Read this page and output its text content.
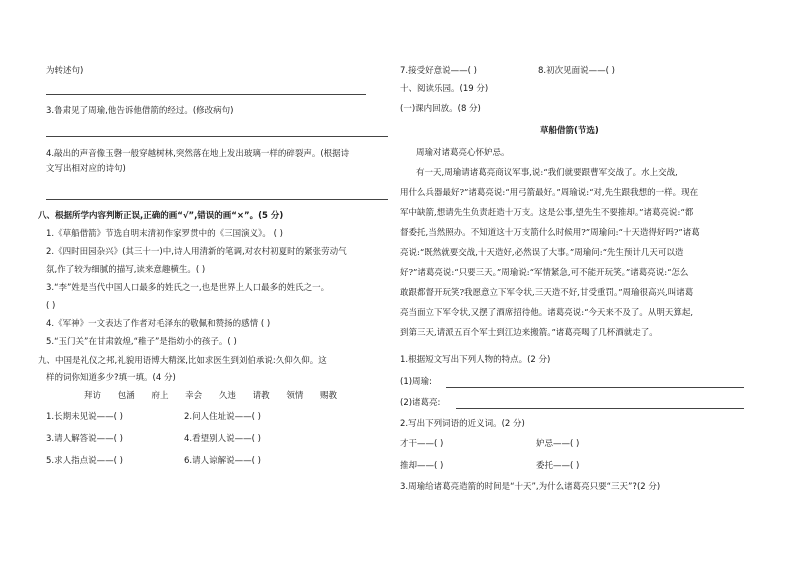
为转述句)
3.鲁肃见了周瑜,他告诉他借箭的经过。(修改病句)
4.敲出的声音像玉磬一般穿越树林,突然落在地上发出玻璃一样的碎裂声。(根据诗
文写出相对应的诗句)
八、根据所学内容判断正误,正确的画“√”,错误的画“×”。(5 分)
1.《草船借箭》节选自明末清初作家罗贯中的《三国演义》。 ( )
2.《四时田园杂兴》(其三十一)中,诗人用清新的笔调,对农村初夏时的紧张劳动气
氛,作了较为细腻的描写,读来意趣横生。( )
3.“李”姓是当代中国人口最多的姓氏之一,也是世界上人口最多的姓氏之一。
( )
4.《军神》一文表达了作者对毛泽东的敬佩和赞扬的感情 ( )
5.“玉门关”在甘肃敦煌,“稚子”是指幼小的孩子。( )
九、中国是礼仪之邦,礼貌用语博大精深,比如求医生到刘伯承说:久仰久仰。这
样的词你知道多少?填一填。(4 分)
拜访 包涵 府上 幸会 久违 请教 领情 赐教
1.长期未见说——( )	2.问人住址说——( )
3.请人解答说——( )	4.看望别人说——( )
5.求人指点说——( )	6.请人谅解说——( )
7.接受好意说——( )	8.初次见面说——( )
十、阅读乐园。(19 分)
(一)课内回放。(8 分)
草船借箭(节选)
周瑜对诸葛亮心怀妒忌。
有一天,周瑜请诸葛亮商议军事,说:“我们就要跟曹军交战了。水上交战,
用什么兵器最好?”诸葛亮说:“用弓箭最好。”周瑜说:“对,先生跟我想的一样。现在
军中缺箭,想请先生负责赶造十万支。这是公事,望先生不要推却。”诸葛亮说:“都
督委托,当然照办。不知道这十万支箭什么时候用?”周瑜问:“十天造得好吗?”诸葛
亮说:“既然就要交战,十天造好,必然误了大事。”周瑜问:“先生预计几天可以造
好?”诸葛亮说:“只要三天。”周瑜说:“军情紧急,可不能开玩笑。”诸葛亮说:“怎么
敢跟都督开玩笑?我愿意立下军令状,三天造不好,甘受重罚。”周瑜很高兴,叫诸葛
亮当面立下军令状,又摆了酒席招待他。诸葛亮说:“今天来不及了。从明天算起,
到第三天,请派五百个军士到江边来搬箭。”诸葛亮喝了几杯酒就走了。
1.根据短文写出下列人物的特点。(2 分)
(1)周瑜:
(2)诸葛亮:
2.写出下列词语的近义词。(2 分)
才干——( )	妒忌——( )
推却——( )	委托——( )
3.周瑜给诸葛亮造箭的时间是“十天”,为什么诸葛亮只要“三天”?(2 分)
